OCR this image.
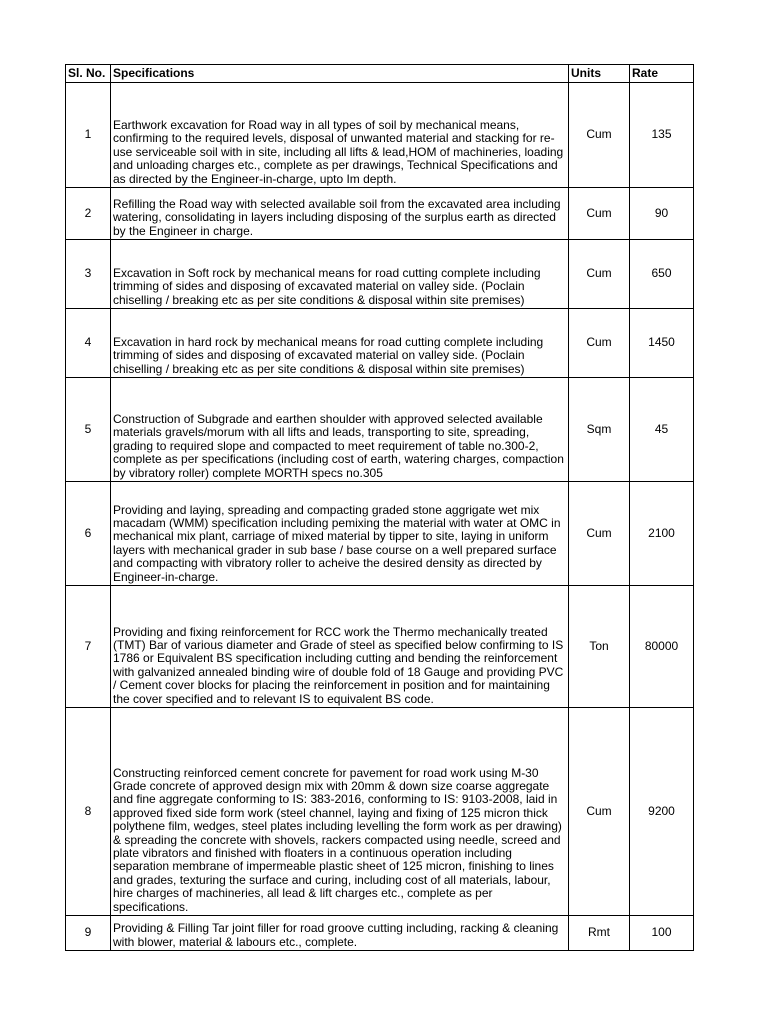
Sl. No.	Specifications	Units	Rate
1	Earthwork excavation for Road way in all types of soil by mechanical means, confirming to the required levels, disposal of unwanted material and stacking for re-use serviceable soil with in site, including all lifts & lead,HOM of machineries, loading and unloading charges etc., complete as per drawings, Technical Specifications and as directed by the Engineer-in-charge, upto Im depth.	Cum	135
2	Refilling the Road way with selected available soil from the excavated area including watering, consolidating in layers including disposing of the surplus earth as directed by the Engineer in charge.	Cum	90
3	Excavation in Soft rock by mechanical means for road cutting complete including trimming of sides and disposing of excavated material on valley side. (Poclain chiselling / breaking etc as per site conditions & disposal within site premises)	Cum	650
4	Excavation in hard rock by mechanical means for road cutting complete including trimming of sides and disposing of excavated material on valley side. (Poclain chiselling / breaking etc as per site conditions & disposal within site premises)	Cum	1450
5	Construction of Subgrade and earthen shoulder with approved selected available materials gravels/morum with all lifts and leads, transporting to site, spreading, grading to required slope and compacted to meet requirement of table no.300-2, complete as per specifications (including cost of earth, watering charges, compaction by vibratory roller) complete MORTH specs no.305	Sqm	45
6	Providing and laying, spreading and compacting graded stone aggrigate wet mix macadam (WMM) specification including pemixing the material with water at OMC in mechanical mix plant, carriage of mixed material by tipper to site, laying in uniform layers with mechanical grader in sub base / base course on a well prepared surface and compacting with vibratory roller to acheive the desired density as directed by Engineer-in-charge.	Cum	2100
7	Providing and fixing reinforcement for RCC work the Thermo mechanically treated (TMT) Bar of various diameter and Grade of steel as specified below confirming to IS 1786 or Equivalent BS specification including cutting and bending the reinforcement with galvanized annealed binding wire of double fold of 18 Gauge and providing PVC / Cement cover blocks for placing the reinforcement in position and for maintaining the cover specified and to relevant IS to equivalent BS code.	Ton	80000
8	Constructing reinforced cement concrete for pavement for road work using M-30 Grade concrete of approved design mix with 20mm & down size coarse aggregate and fine aggregate conforming to IS: 383-2016, conforming to IS: 9103-2008, laid in approved fixed side form work (steel channel, laying and fixing of 125 micron thick polythene film, wedges, steel plates including levelling the form work as per drawing) & spreading the concrete with shovels, rackers compacted using needle, screed and plate vibrators and finished with floaters in a continuous operation including separation membrane of impermeable plastic sheet of 125 micron, finishing to lines and grades, texturing the surface and curing, including cost of all materials, labour, hire charges of machineries, all lead & lift charges etc., complete as per specifications.	Cum	9200
9	Providing & Filling Tar joint filler for road groove cutting including, racking & cleaning with blower, material & labours etc., complete.	Rmt	100
